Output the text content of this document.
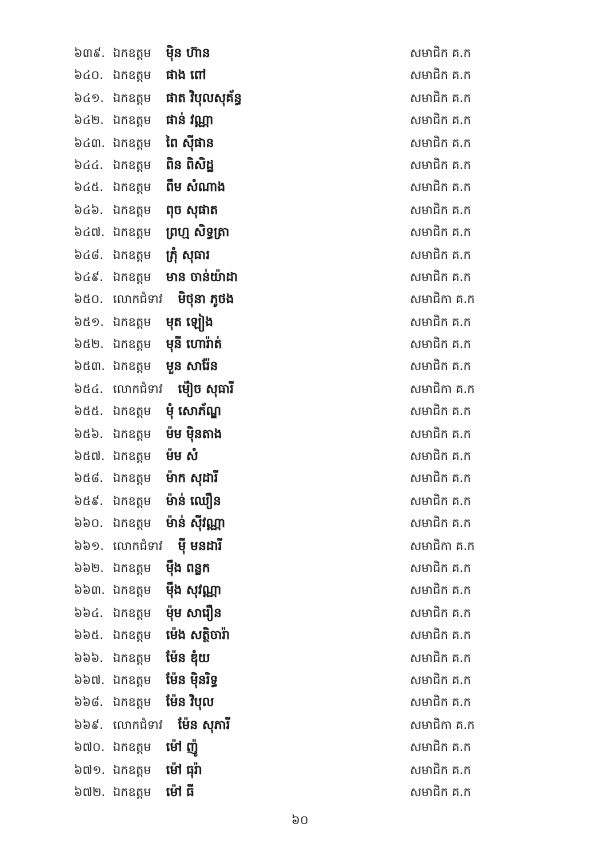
៦៣៩. ឯកឧត្តម ម៉ិន ហ៊ាន	សមាជិក គ.ក
៦៤០. ឯកឧត្តម ផាង ពៅ	សមាជិក គ.ក
៦៤១. ឯកឧត្តម ផាត វិបុលសុគ័ន្ធ	សមាជិក គ.ក
៦៤២. ឯកឧត្តម ផាន់ វណ្ណា	សមាជិក គ.ក
៦៤៣. ឯកឧត្តម ពៃ ស៊ីផាន	សមាជិក គ.ក
៦៤៤. ឯកឧត្តម ពិន ពិសិដ្ឋ	សមាជិក គ.ក
៦៤៥. ឯកឧត្តម ពឹម សំណាង	សមាជិក គ.ក
៦៤៦. ឯកឧត្តម ពុច សុផាត	សមាជិក គ.ក
៦៤៧. ឯកឧត្តម ព្រហ្ម សិទ្ធត្រា	សមាជិក គ.ក
៦៤៨. ឯកឧត្តម ភ្រុំ សុធារ	សមាជិក គ.ក
៦៤៩. ឯកឧត្តម មាន ចាន់យ៉ាដា	សមាជិក គ.ក
៦៥០. លោកជំទាវ មិថុនា ភូថង	សមាជិកា គ.ក
៦៥១. ឯកឧត្តម មុត ឡៀង	សមាជិក គ.ក
៦៥២. ឯកឧត្តម មុនី ហោរ៉ាត់	សមាជិក គ.ក
៦៥៣. ឯកឧត្តម មួន សារ៉ែន	សមាជិក គ.ក
៦៥៤. លោកជំទាវ ម៉ៀច សុធារី	សមាជិកា គ.ក
៦៥៥. ឯកឧត្តម មុំ សោភ័ណ្ឌ	សមាជិក គ.ក
៦៥៦. ឯកឧត្តម ម៉ម ម៉ិនតាង	សមាជិក គ.ក
៦៥៧. ឯកឧត្តម ម៉ម សំ	សមាជិក គ.ក
៦៥៨. ឯកឧត្តម ម៉ាក សុដារី	សមាជិក គ.ក
៦៥៩. ឯកឧត្តម ម៉ាន់ ឈឿន	សមាជិក គ.ក
៦៦០. ឯកឧត្តម ម៉ាន់ ស៊ីវណ្ណា	សមាជិក គ.ក
៦៦១. លោកជំទាវ ម៉ី មនដារី	សមាជិកា គ.ក
៦៦២. ឯកឧត្តម ម៉ឹង ពន្លក	សមាជិក គ.ក
៦៦៣. ឯកឧត្តម ម៉ឹង សុវណ្ណា	សមាជិក គ.ក
៦៦៤. ឯកឧត្តម ម៉ុម សារឿន	សមាជិក គ.ក
៦៦៥. ឯកឧត្តម ម៉េង សត្ថិចារ៉ា	សមាជិក គ.ក
៦៦៦. ឯកឧត្តម ម៉ែន ឌុំយ	សមាជិក គ.ក
៦៦៧. ឯកឧត្តម ម៉ែន ម៉ិនរិទ្ធ	សមាជិក គ.ក
៦៦៨. ឯកឧត្តម ម៉ែន វិបុល	សមាជិក គ.ក
៦៦៩. លោកជំទាវ ម៉ែន សុភារី	សមាជិកា គ.ក
៦៧០. ឯកឧត្តម ម៉ៅ ញ៉ូ	សមាជិក គ.ក
៦៧១. ឯកឧត្តម ម៉ៅ ធុរ៉ា	សមាជិក គ.ក
៦៧២. ឯកឧត្តម ម៉ៅ ធី	សមាជិក គ.ក
៦០
